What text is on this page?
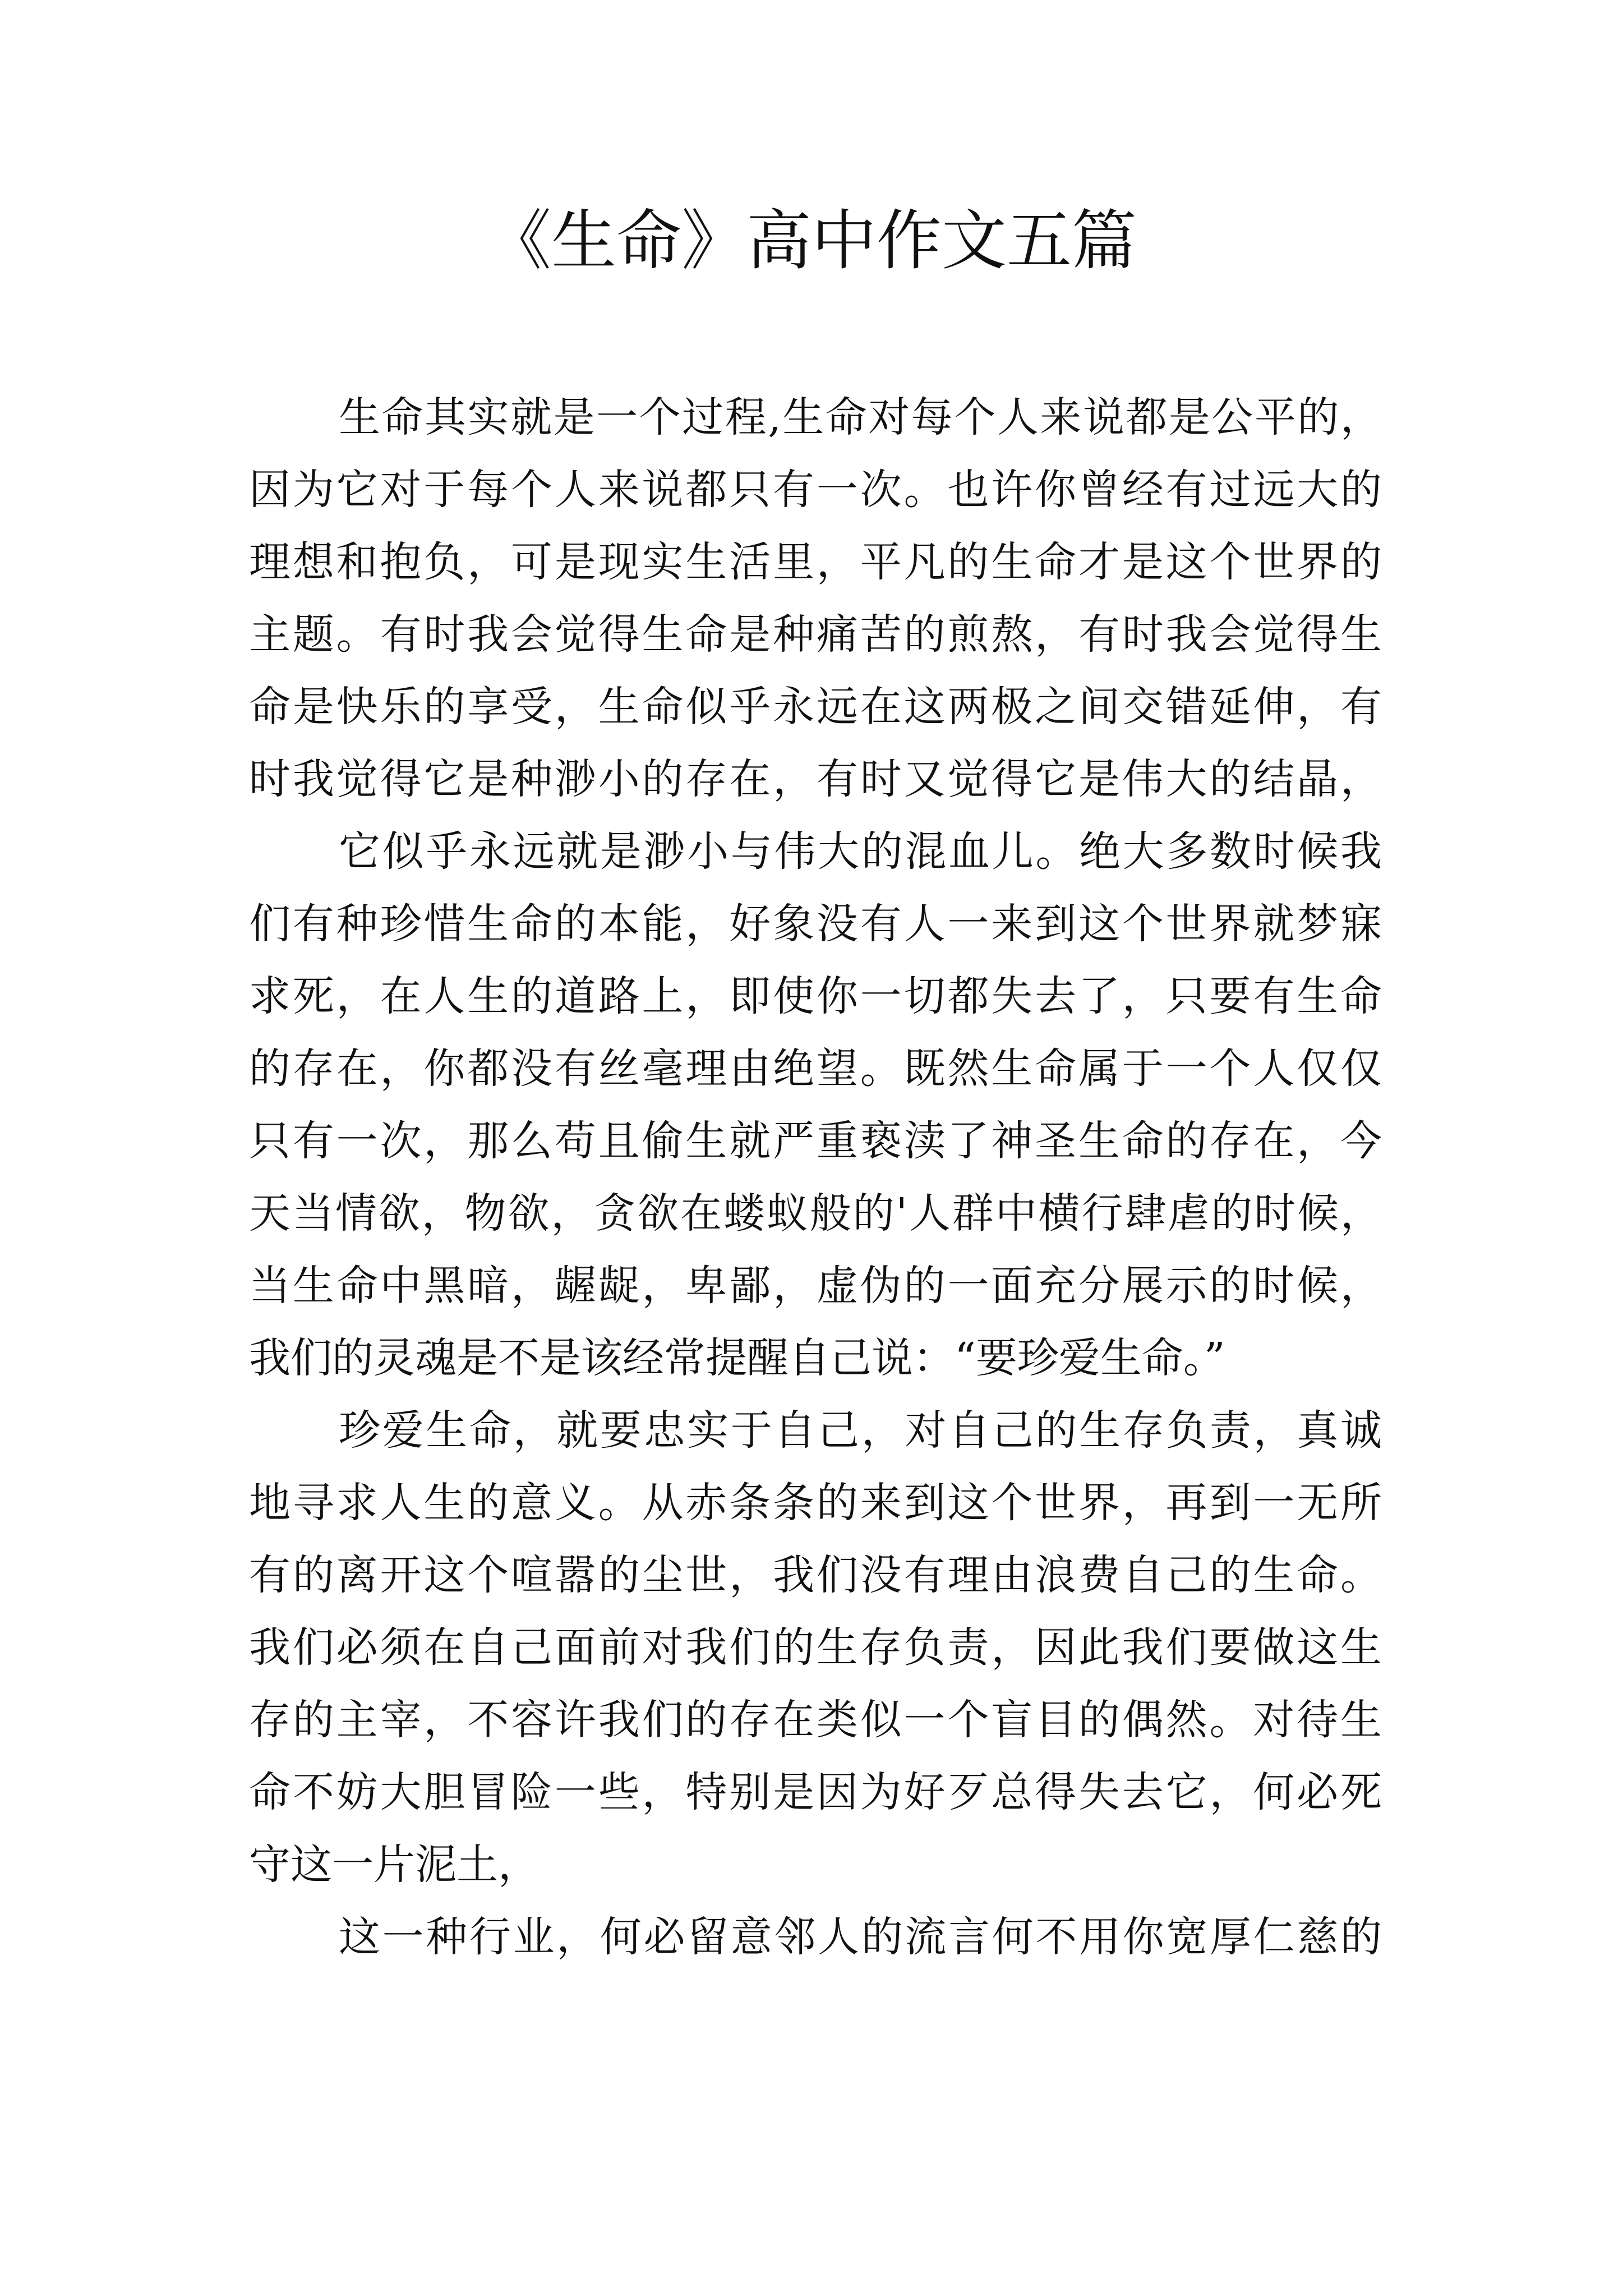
《生命》高中作文五篇
生命其实就是一个过程,生命对每个人来说都是公平的，
因为它对于每个人来说都只有一次。也许你曾经有过远大的
理想和抱负，可是现实生活里，平凡的生命才是这个世界的
主题。有时我会觉得生命是种痛苦的煎熬，有时我会觉得生
命是快乐的享受，生命似乎永远在这两极之间交错延伸，有
时我觉得它是种渺小的存在，有时又觉得它是伟大的结晶，
它似乎永远就是渺小与伟大的混血儿。绝大多数时候我
们有种珍惜生命的本能，好象没有人一来到这个世界就梦寐
求死，在人生的道路上，即使你一切都失去了，只要有生命
的存在，你都没有丝毫理由绝望。既然生命属于一个人仅仅
只有一次，那么苟且偷生就严重亵渎了神圣生命的存在，今
天当情欲，物欲，贪欲在蝼蚁般的'人群中横行肆虐的时候，
当生命中黑暗，龌龊，卑鄙，虚伪的一面充分展示的时候，
我们的灵魂是不是该经常提醒自己说：“要珍爱生命。”
珍爱生命，就要忠实于自己，对自己的生存负责，真诚
地寻求人生的意义。从赤条条的来到这个世界，再到一无所
有的离开这个喧嚣的尘世，我们没有理由浪费自己的生命。
我们必须在自己面前对我们的生存负责，因此我们要做这生
存的主宰，不容许我们的存在类似一个盲目的偶然。对待生
命不妨大胆冒险一些，特别是因为好歹总得失去它，何必死
守这一片泥土，
这一种行业，何必留意邻人的流言何不用你宽厚仁慈的
